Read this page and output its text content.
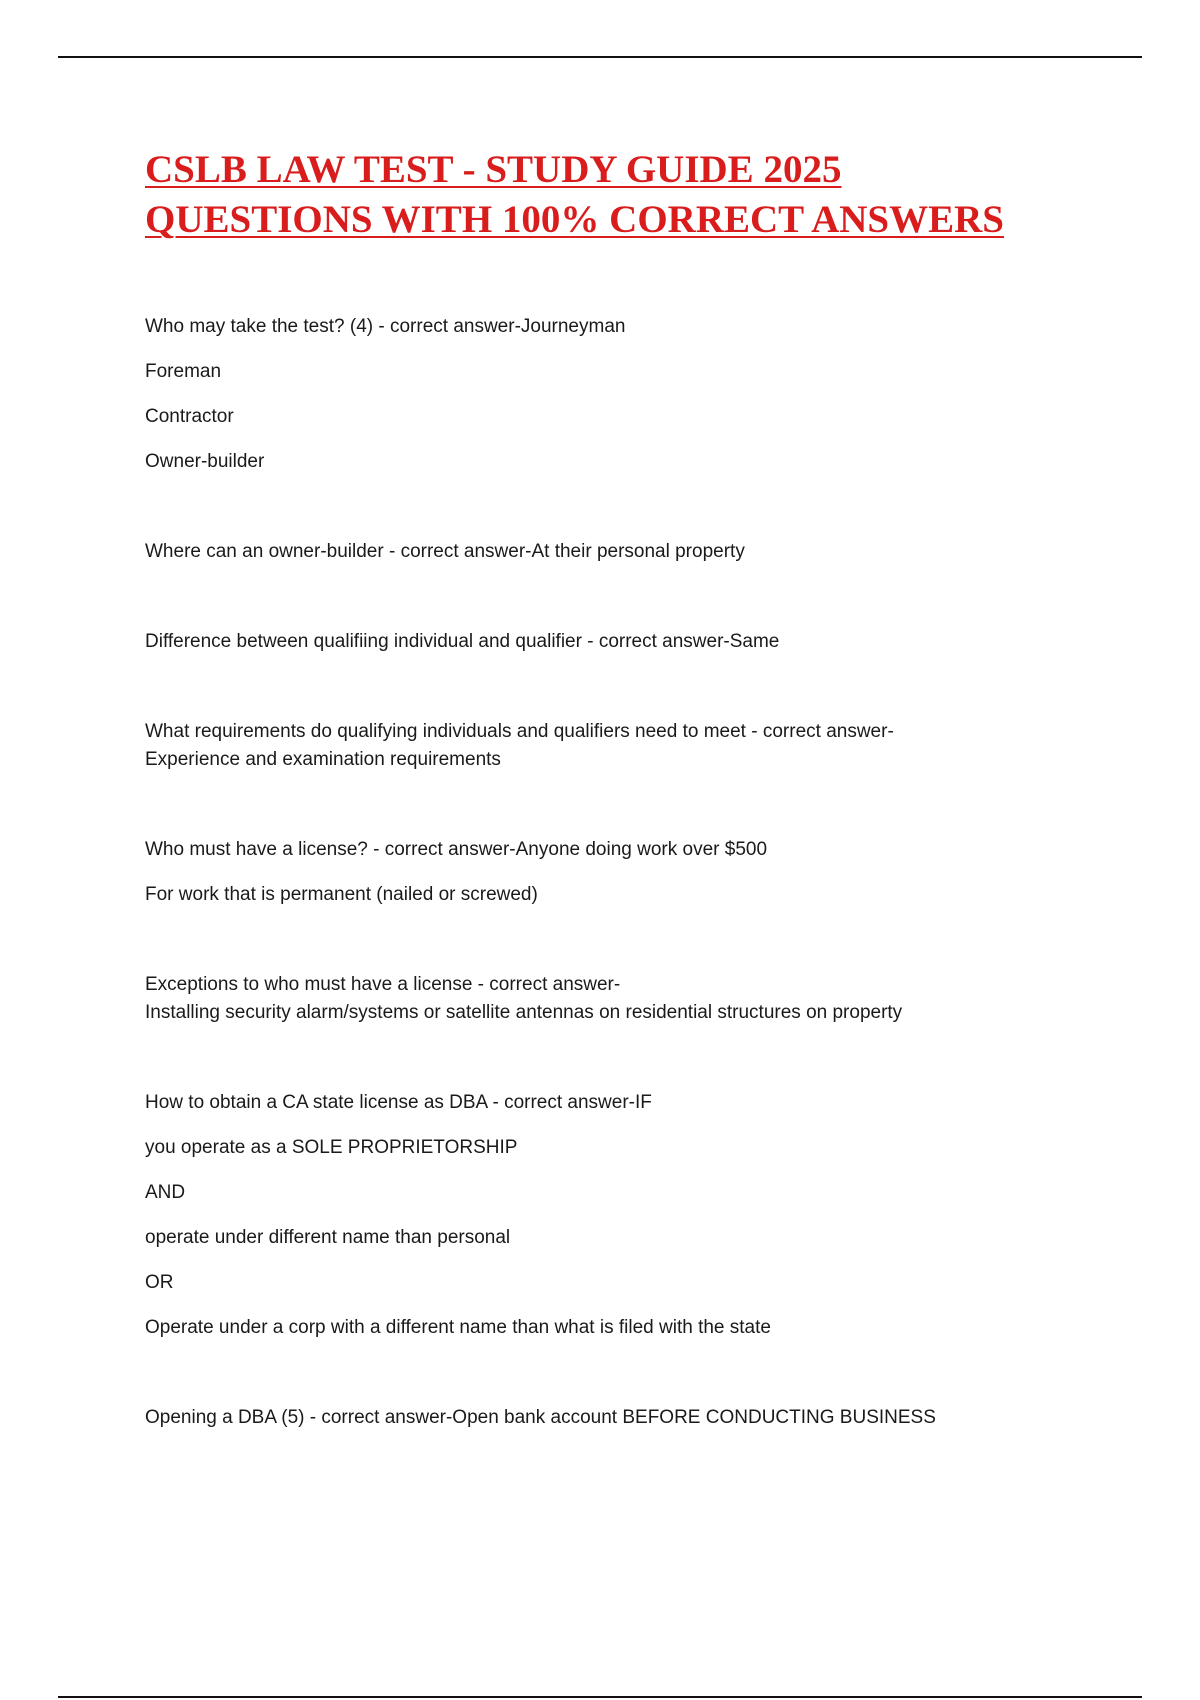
CSLB LAW TEST - STUDY GUIDE 2025
QUESTIONS WITH 100% CORRECT ANSWERS

Who may take the test? (4) - correct answer-Journeyman

Foreman

Contractor

Owner-builder

Where can an owner-builder - correct answer-At their personal property

Difference between qualifiing individual and qualifier - correct answer-Same

What requirements do qualifying individuals and qualifiers need to meet - correct answer-

Experience and examination requirements

Who must have a license? - correct answer-Anyone doing work over $500

For work that is permanent (nailed or screwed)

Exceptions to who must have a license - correct answer-

Installing security alarm/systems or satellite antennas on residential structures on property

How to obtain a CA state license as DBA - correct answer-IF

you operate as a SOLE PROPRIETORSHIP

AND

operate under different name than personal

OR

Operate under a corp with a different name than what is filed with the state

Opening a DBA (5) - correct answer-Open bank account BEFORE CONDUCTING BUSINESS
